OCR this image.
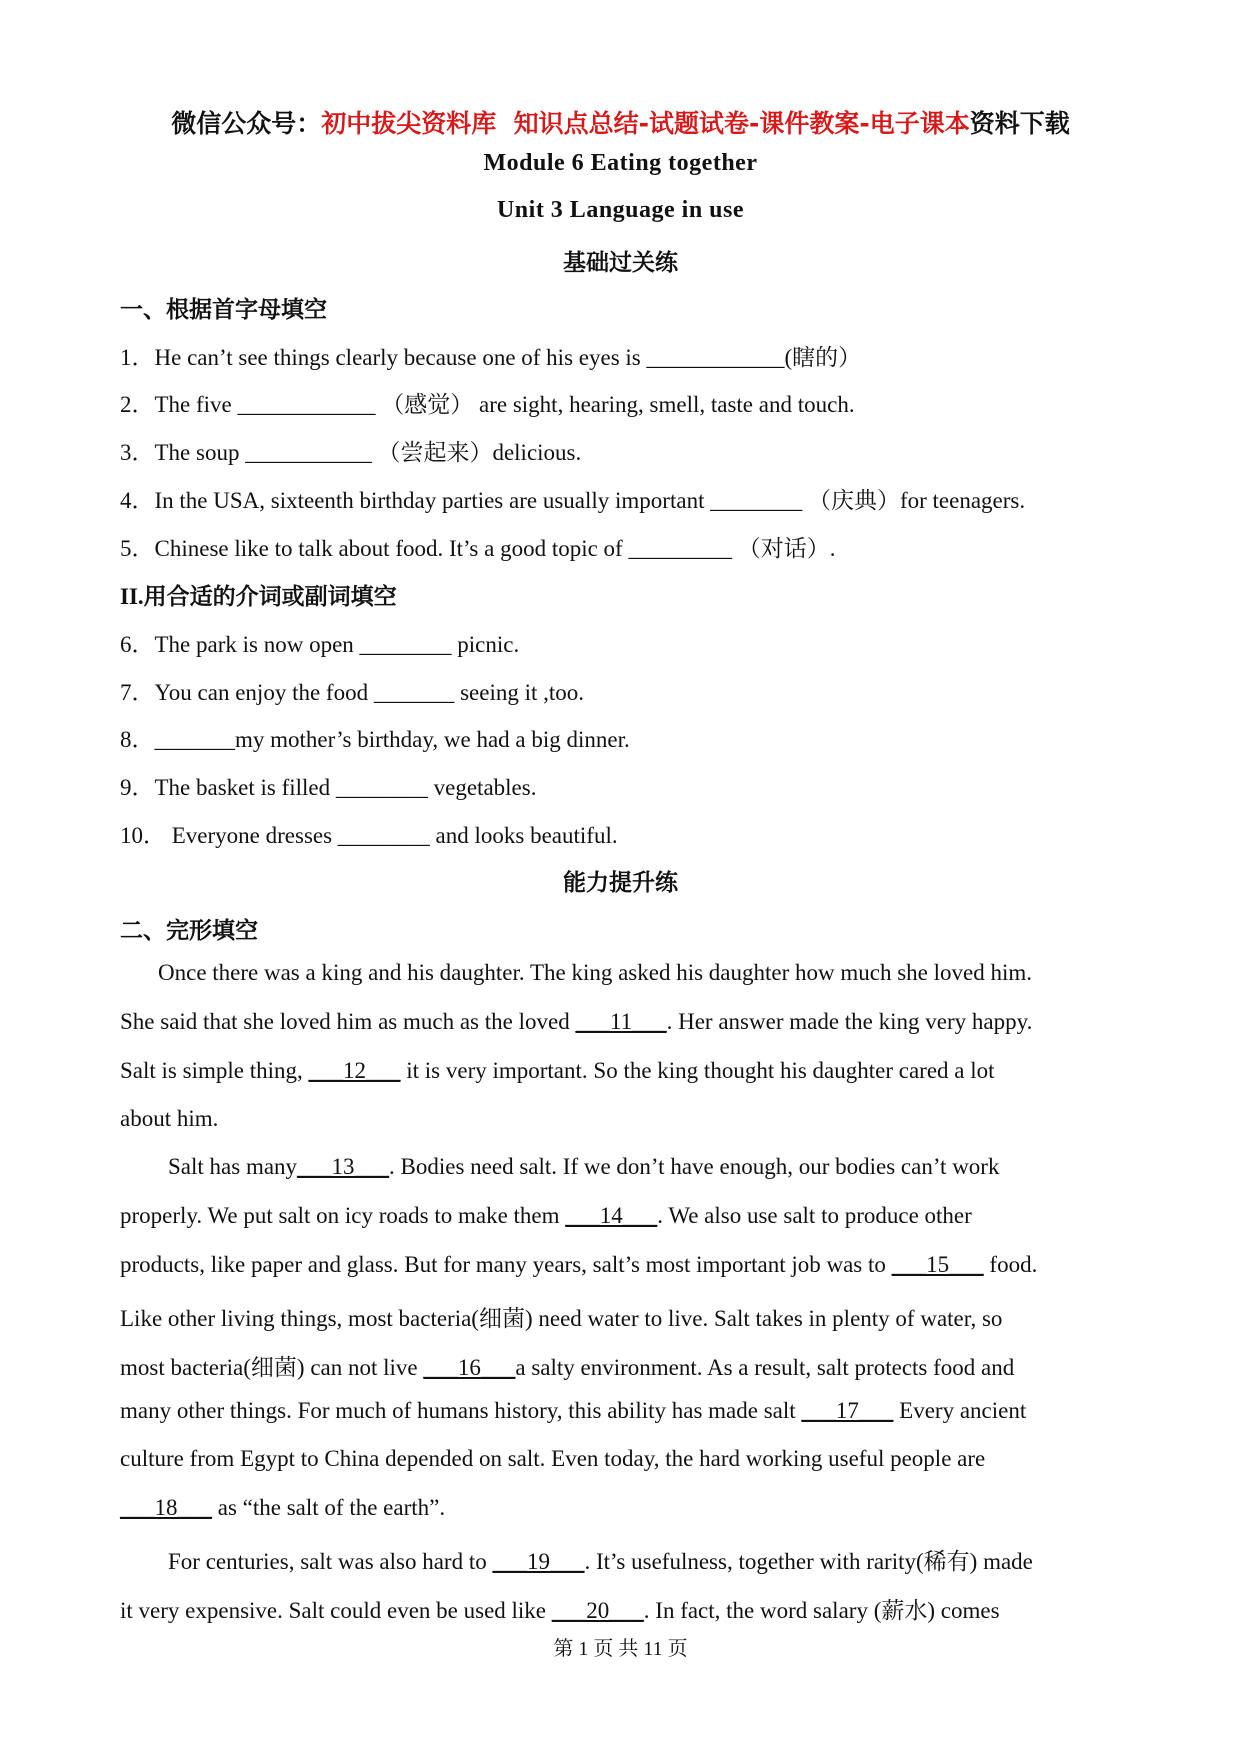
微信公众号：初中拔尖资料库 知识点总结-试题试卷-课件教案-电子课本资料下载
Module 6 Eating together
Unit 3 Language in use
基础过关练
一、根据首字母填空
1．He can’t see things clearly because one of his eyes is ____________(瞎的）
2．The five ____________ （感觉） are sight, hearing, smell, taste and touch.
3．The soup ___________ （尝起来）delicious.
4．In the USA, sixteenth birthday parties are usually important ________ （庆典）for teenagers.
5．Chinese like to talk about food. It’s a good topic of _________ （对话）.
II.用合适的介词或副词填空
6．The park is now open ________ picnic.
7．You can enjoy the food _______ seeing it ,too.
8．_______my mother’s birthday, we had a big dinner.
9．The basket is filled ________ vegetables.
10． Everyone dresses ________ and looks beautiful.
能力提升练
二、完形填空
Once there was a king and his daughter. The king asked his daughter how much she loved him.
She said that she loved him as much as the loved ___11___. Her answer made the king very happy.
Salt is simple thing, ___12___ it is very important. So the king thought his daughter cared a lot
about him.
Salt has many___13___. Bodies need salt. If we don’t have enough, our bodies can’t work
properly. We put salt on icy roads to make them ___14___. We also use salt to produce other
products, like paper and glass. But for many years, salt’s most important job was to ___15___ food.
Like other living things, most bacteria(细菌) need water to live. Salt takes in plenty of water, so
most bacteria(细菌) can not live ___16___a salty environment. As a result, salt protects food and
many other things. For much of humans history, this ability has made salt ___17___ Every ancient
culture from Egypt to China depended on salt. Even today, the hard working useful people are
___18___ as “the salt of the earth”.
For centuries, salt was also hard to ___19___. It’s usefulness, together with rarity(稀有) made
it very expensive. Salt could even be used like ___20___. In fact, the word salary (薪水) comes
第 1 页 共 11 页
